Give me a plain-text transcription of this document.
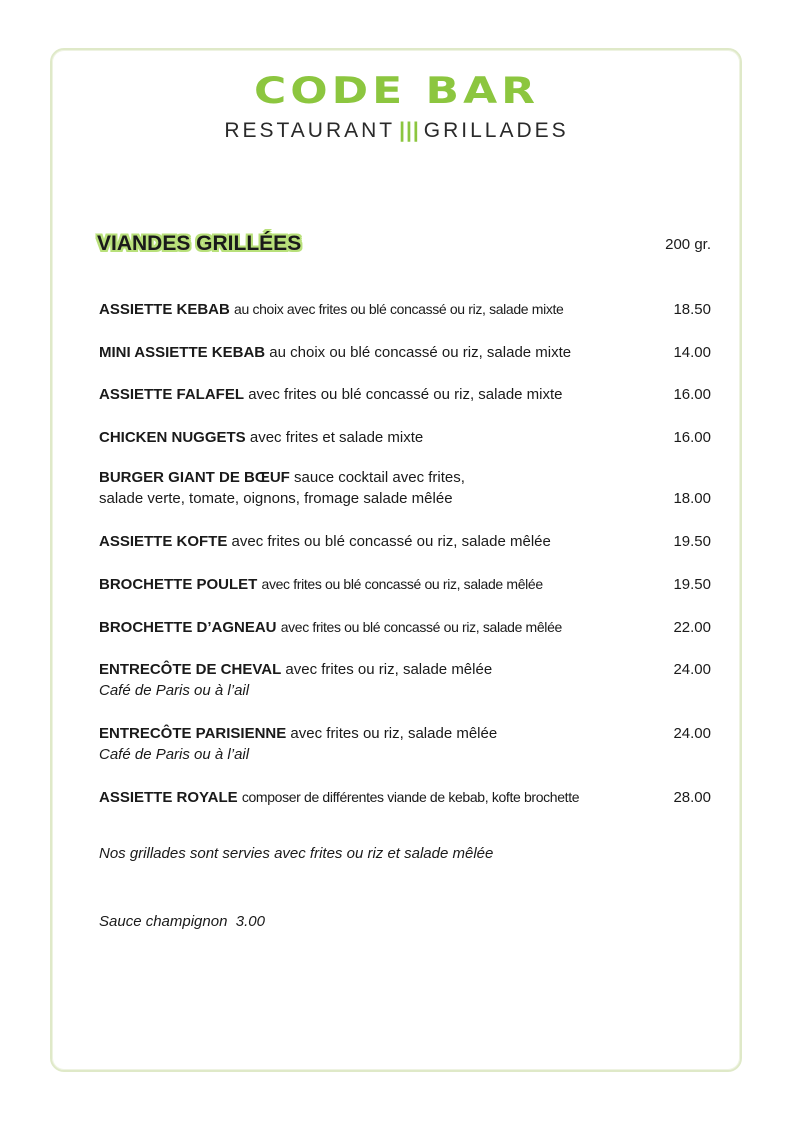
CODE BAR
RESTAURANT ||| GRILLADES
VIANDES GRILLÉES	200 gr.
ASSIETTE KEBAB au choix avec frites ou blé concassé ou riz, salade mixte	18.50
MINI ASSIETTE KEBAB au choix ou blé concassé ou riz, salade mixte	14.00
ASSIETTE FALAFEL avec frites ou blé concassé ou riz, salade mixte	16.00
CHICKEN NUGGETS avec frites et salade mixte	16.00
BURGER GIANT DE BŒUF sauce cocktail avec frites,
salade verte, tomate, oignons, fromage salade mêlée	18.00
ASSIETTE KOFTE avec frites ou blé concassé ou riz, salade mêlée	19.50
BROCHETTE POULET avec frites ou blé concassé ou riz, salade mêlée	19.50
BROCHETTE D’AGNEAU avec frites ou blé concassé ou riz, salade mêlée	22.00
ENTRECÔTE DE CHEVAL avec frites ou riz, salade mêlée	24.00
Café de Paris ou à l’ail
ENTRECÔTE PARISIENNE avec frites ou riz, salade mêlée	24.00
Café de Paris ou à l’ail
ASSIETTE ROYALE composer de différentes viande de kebab, kofte brochette	28.00
Nos grillades sont servies avec frites ou riz et salade mêlée
Sauce champignon  3.00
